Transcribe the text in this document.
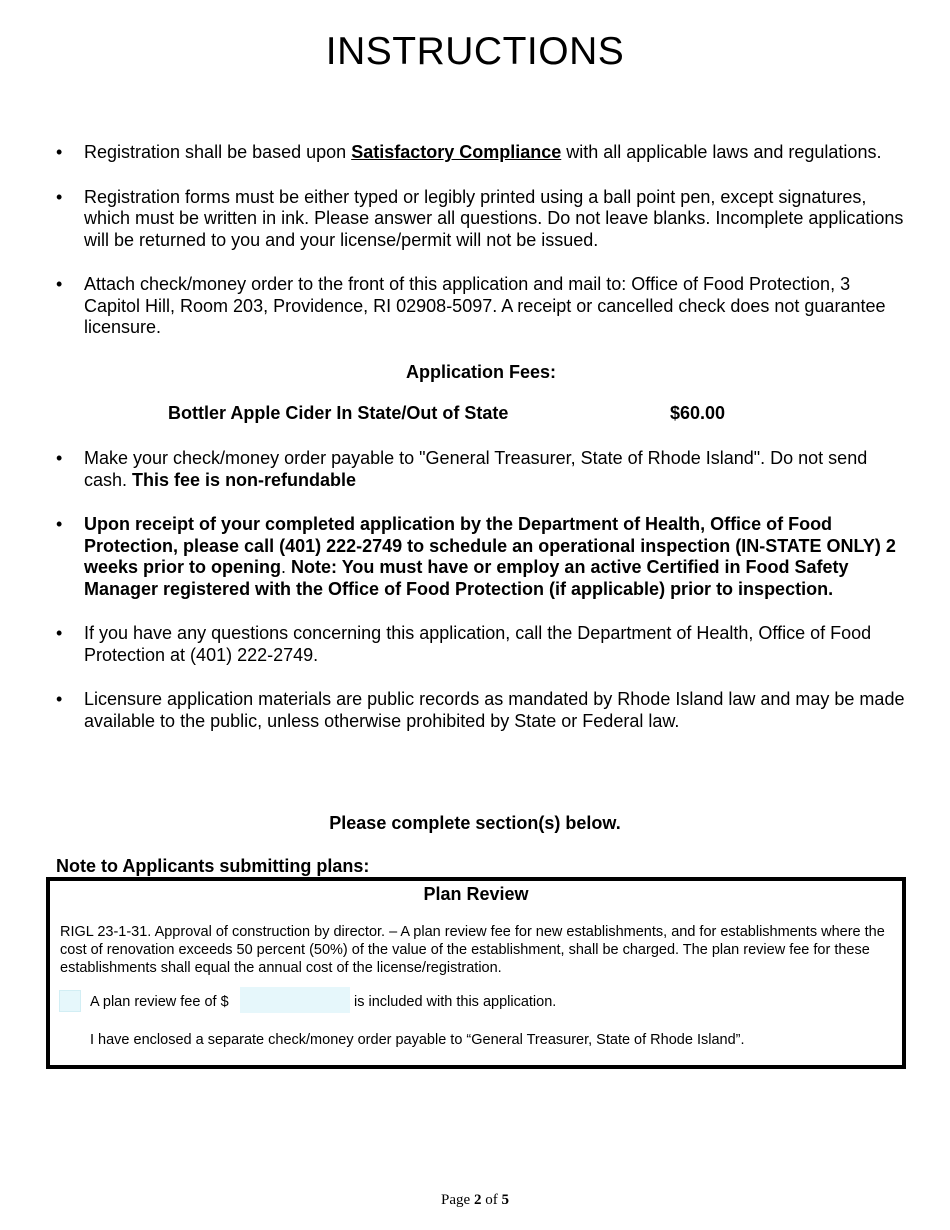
INSTRUCTIONS
• Registration shall be based upon Satisfactory Compliance with all applicable laws and regulations.
• Registration forms must be either typed or legibly printed using a ball point pen, except signatures, which must be written in ink. Please answer all questions. Do not leave blanks. Incomplete applications will be returned to you and your license/permit will not be issued.
• Attach check/money order to the front of this application and mail to: Office of Food Protection, 3 Capitol Hill, Room 203, Providence, RI 02908-5097. A receipt or cancelled check does not guarantee licensure.
Application Fees:
Bottler Apple Cider In State/Out of State	$60.00
• Make your check/money order payable to "General Treasurer, State of Rhode Island". Do not send cash. This fee is non-refundable
• Upon receipt of your completed application by the Department of Health, Office of Food Protection, please call (401) 222-2749 to schedule an operational inspection (IN-STATE ONLY) 2 weeks prior to opening. Note: You must have or employ an active Certified in Food Safety Manager registered with the Office of Food Protection (if applicable) prior to inspection.
• If you have any questions concerning this application, call the Department of Health, Office of Food Protection at (401) 222-2749.
• Licensure application materials are public records as mandated by Rhode Island law and may be made available to the public, unless otherwise prohibited by State or Federal law.
Please complete section(s) below.
Note to Applicants submitting plans:
Plan Review
RIGL 23-1-31. Approval of construction by director. – A plan review fee for new establishments, and for establishments where the cost of renovation exceeds 50 percent (50%) of the value of the establishment, shall be charged. The plan review fee for these establishments shall equal the annual cost of the license/registration.
A plan review fee of $	is included with this application.
I have enclosed a separate check/money order payable to “General Treasurer, State of Rhode Island”.
Page 2 of 5
